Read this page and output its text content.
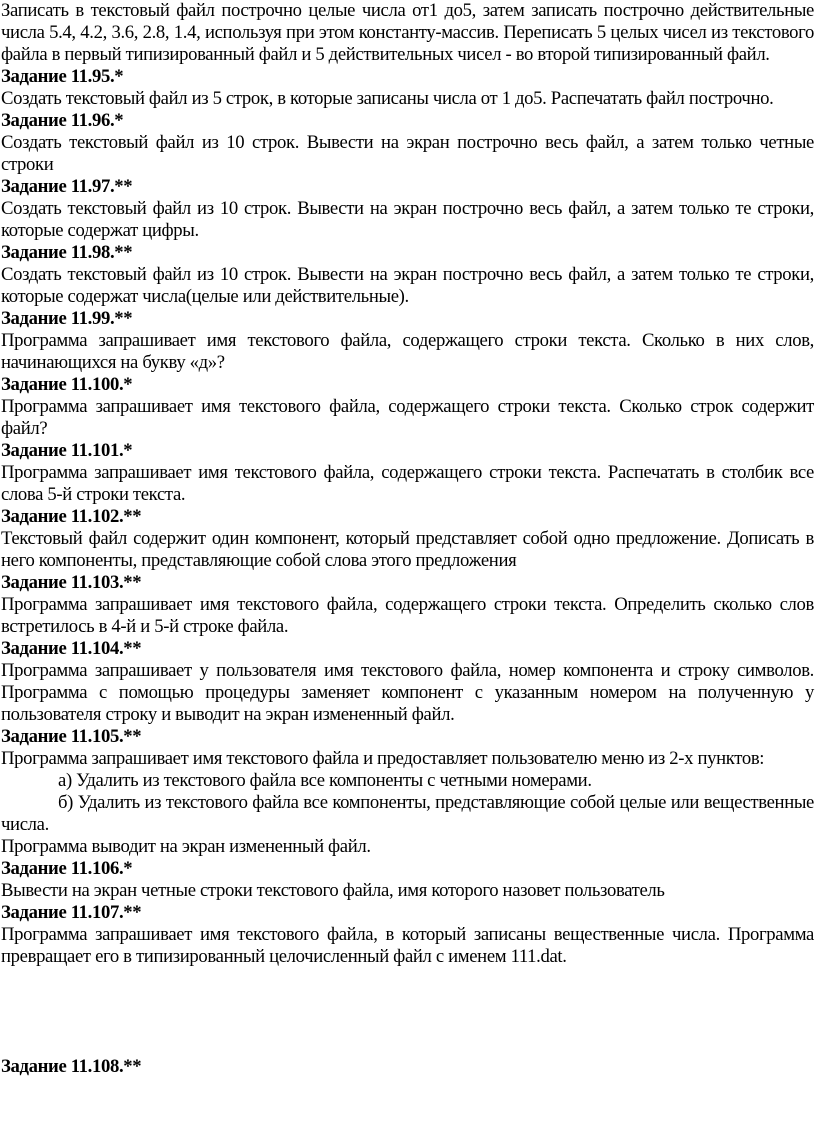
Записать в текстовый файл построчно целые числа от1 до5, затем записать построчно действительные числа 5.4, 4.2, 3.6, 2.8, 1.4, используя при этом константу-массив. Переписать 5 целых чисел из текстового файла в первый типизированный файл и 5 действительных чисел - во второй типизированный файл.

Задание 11.95.*

Создать текстовый файл из 5 строк, в которые записаны числа от 1 до5. Распечатать файл построчно.

Задание 11.96.*

Создать текстовый файл из 10 строк. Вывести на экран построчно весь файл, а затем только четные строки

Задание 11.97.**

Создать текстовый файл из 10 строк. Вывести на экран построчно весь файл, а затем только те строки, которые содержат цифры.

Задание 11.98.**

Создать текстовый файл из 10 строк. Вывести на экран построчно весь файл, а затем только те строки, которые содержат числа(целые или действительные).

Задание 11.99.**

Программа запрашивает имя текстового файла, содержащего строки текста. Сколько в них слов, начинающихся на букву «д»?

Задание 11.100.*

Программа запрашивает имя текстового файла, содержащего строки текста. Сколько строк содержит файл?

Задание 11.101.*

Программа запрашивает имя текстового файла, содержащего строки текста. Распечатать в столбик все слова 5-й строки текста.

Задание 11.102.**

Текстовый файл содержит один компонент, который представляет собой одно предложение. Дописать в него компоненты, представляющие собой слова этого предложения

Задание 11.103.**

Программа запрашивает имя текстового файла, содержащего строки текста. Определить сколько слов встретилось в 4-й и 5-й строке файла.

Задание 11.104.**

Программа запрашивает у пользователя имя текстового файла, номер компонента и строку символов. Программа с помощью процедуры заменяет компонент с указанным номером на полученную у пользователя строку и выводит на экран измененный файл.

Задание 11.105.**

Программа запрашивает имя текстового файла и предоставляет пользователю меню из 2-х пунктов:

а) Удалить из текстового файла все компоненты с четными номерами.

б) Удалить из текстового файла все компоненты, представляющие собой целые или вещественные числа.

Программа выводит на экран измененный файл.

Задание 11.106.*

Вывести на экран четные строки текстового файла, имя которого назовет пользователь

Задание 11.107.**

Программа запрашивает имя текстового файла, в который записаны вещественные числа. Программа превращает его в типизированный целочисленный файл с именем 111.dat.

Задание 11.108.**
